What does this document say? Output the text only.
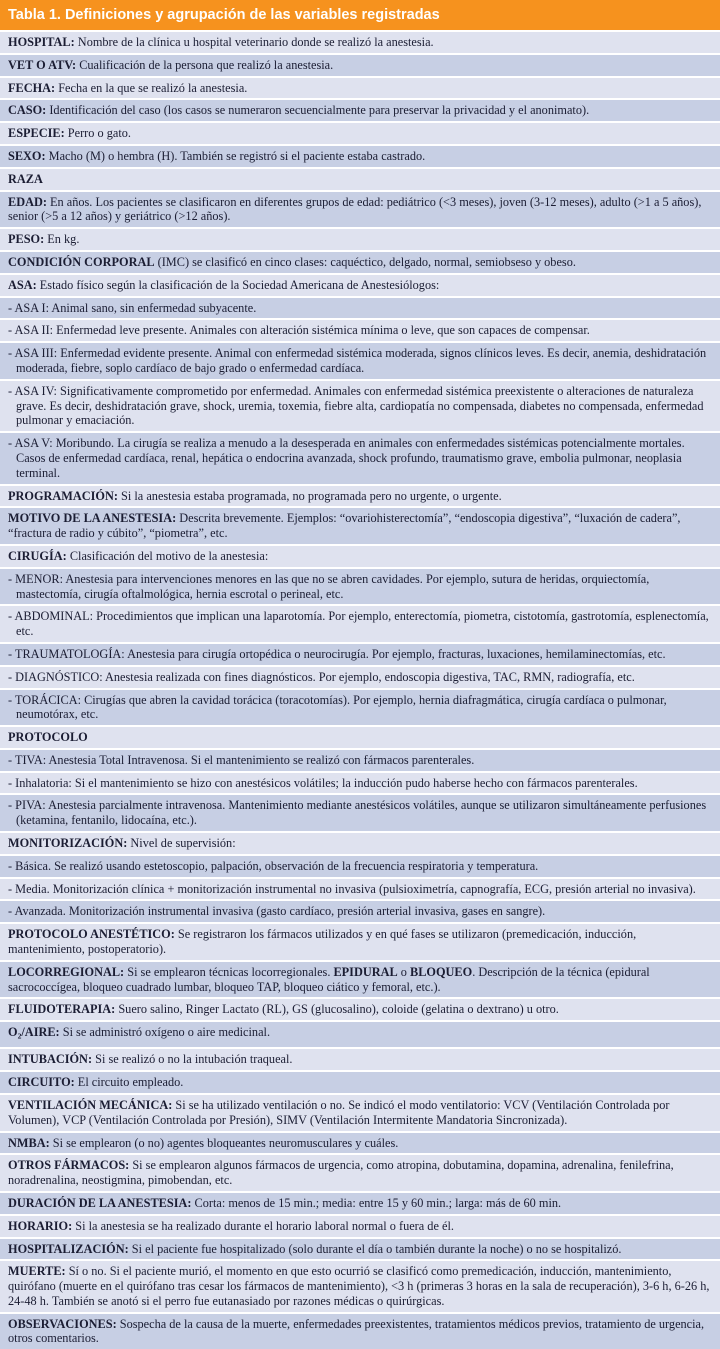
Tabla 1. Definiciones y agrupación de las variables registradas
HOSPITAL: Nombre de la clínica u hospital veterinario donde se realizó la anestesia.
VET O ATV: Cualificación de la persona que realizó la anestesia.
FECHA: Fecha en la que se realizó la anestesia.
CASO: Identificación del caso (los casos se numeraron secuencialmente para preservar la privacidad y el anonimato).
ESPECIE: Perro o gato.
SEXO: Macho (M) o hembra (H). También se registró si el paciente estaba castrado.
RAZA
EDAD: En años. Los pacientes se clasificaron en diferentes grupos de edad: pediátrico (<3 meses), joven (3-12 meses), adulto (>1 a 5 años), senior (>5 a 12 años) y geriátrico (>12 años).
PESO: En kg.
CONDICIÓN CORPORAL (IMC) se clasificó en cinco clases: caquéctico, delgado, normal, semiobseso y obeso.
ASA: Estado físico según la clasificación de la Sociedad Americana de Anestesiólogos:
- ASA I: Animal sano, sin enfermedad subyacente.
- ASA II: Enfermedad leve presente. Animales con alteración sistémica mínima o leve, que son capaces de compensar.
- ASA III: Enfermedad evidente presente. Animal con enfermedad sistémica moderada, signos clínicos leves. Es decir, anemia, deshidratación moderada, fiebre, soplo cardíaco de bajo grado o enfermedad cardíaca.
- ASA IV: Significativamente comprometido por enfermedad. Animales con enfermedad sistémica preexistente o alteraciones de naturaleza grave. Es decir, deshidratación grave, shock, uremia, toxemia, fiebre alta, cardiopatía no compensada, diabetes no compensada, enfermedad pulmonar y emaciación.
- ASA V: Moribundo. La cirugía se realiza a menudo a la desesperada en animales con enfermedades sistémicas potencialmente mortales. Casos de enfermedad cardíaca, renal, hepática o endocrina avanzada, shock profundo, traumatismo grave, embolia pulmonar, neoplasia terminal.
PROGRAMACIÓN: Si la anestesia estaba programada, no programada pero no urgente, o urgente.
MOTIVO DE LA ANESTESIA: Descrita brevemente. Ejemplos: “ovariohisterectomía”, “endoscopia digestiva”, “luxación de cadera”, “fractura de radio y cúbito”, “piometra”, etc.
CIRUGÍA: Clasificación del motivo de la anestesia:
- MENOR: Anestesia para intervenciones menores en las que no se abren cavidades. Por ejemplo, sutura de heridas, orquiectomía, mastectomía, cirugía oftalmológica, hernia escrotal o perineal, etc.
- ABDOMINAL: Procedimientos que implican una laparotomía. Por ejemplo, enterectomía, piometra, cistotomía, gastrotomía, esplenectomía, etc.
- TRAUMATOLOGÍA: Anestesia para cirugía ortopédica o neurocirugía. Por ejemplo, fracturas, luxaciones, hemilaminectomías, etc.
- DIAGNÓSTICO: Anestesia realizada con fines diagnósticos. Por ejemplo, endoscopia digestiva, TAC, RMN, radiografía, etc.
- TORÁCICA: Cirugías que abren la cavidad torácica (toracotomías). Por ejemplo, hernia diafragmática, cirugía cardíaca o pulmonar, neumotórax, etc.
PROTOCOLO
- TIVA: Anestesia Total Intravenosa. Si el mantenimiento se realizó con fármacos parenterales.
- Inhalatoria: Si el mantenimiento se hizo con anestésicos volátiles; la inducción pudo haberse hecho con fármacos parenterales.
- PIVA: Anestesia parcialmente intravenosa. Mantenimiento mediante anestésicos volátiles, aunque se utilizaron simultáneamente perfusiones (ketamina, fentanilo, lidocaína, etc.).
MONITORIZACIÓN: Nivel de supervisión:
- Básica. Se realizó usando estetoscopio, palpación, observación de la frecuencia respiratoria y temperatura.
- Media. Monitorización clínica + monitorización instrumental no invasiva (pulsioximetría, capnografía, ECG, presión arterial no invasiva).
- Avanzada. Monitorización instrumental invasiva (gasto cardíaco, presión arterial invasiva, gases en sangre).
PROTOCOLO ANESTÉTICO: Se registraron los fármacos utilizados y en qué fases se utilizaron (premedicación, inducción, mantenimiento, postoperatorio).
LOCORREGIONAL: Si se emplearon técnicas locorregionales. EPIDURAL o BLOQUEO. Descripción de la técnica (epidural sacrococcígea, bloqueo cuadrado lumbar, bloqueo TAP, bloqueo ciático y femoral, etc.).
FLUIDOTERAPIA: Suero salino, Ringer Lactato (RL), GS (glucosalino), coloide (gelatina o dextrano) u otro.
$O_2$/AIRE: Si se administró oxígeno o aire medicinal.
INTUBACIÓN: Si se realizó o no la intubación traqueal.
CIRCUITO: El circuito empleado.
VENTILACIÓN MECÁNICA: Si se ha utilizado ventilación o no. Se indicó el modo ventilatorio: VCV (Ventilación Controlada por Volumen), VCP (Ventilación Controlada por Presión), SIMV (Ventilación Intermitente Mandatoria Sincronizada).
NMBA: Si se emplearon (o no) agentes bloqueantes neuromusculares y cuáles.
OTROS FÁRMACOS: Si se emplearon algunos fármacos de urgencia, como atropina, dobutamina, dopamina, adrenalina, fenilefrina, noradrenalina, neostigmina, pimobendan, etc.
DURACIÓN DE LA ANESTESIA: Corta: menos de 15 min.; media: entre 15 y 60 min.; larga: más de 60 min.
HORARIO: Si la anestesia se ha realizado durante el horario laboral normal o fuera de él.
HOSPITALIZACIÓN: Si el paciente fue hospitalizado (solo durante el día o también durante la noche) o no se hospitalizó.
MUERTE: Sí o no. Si el paciente murió, el momento en que esto ocurrió se clasificó como premedicación, inducción, mantenimiento, quirófano (muerte en el quirófano tras cesar los fármacos de mantenimiento), <3 h (primeras 3 horas en la sala de recuperación), 3-6 h, 6-26 h, 24-48 h. También se anotó si el perro fue eutanasiado por razones médicas o quirúrgicas.
OBSERVACIONES: Sospecha de la causa de la muerte, enfermedades preexistentes, tratamientos médicos previos, tratamiento de urgencia, otros comentarios.
